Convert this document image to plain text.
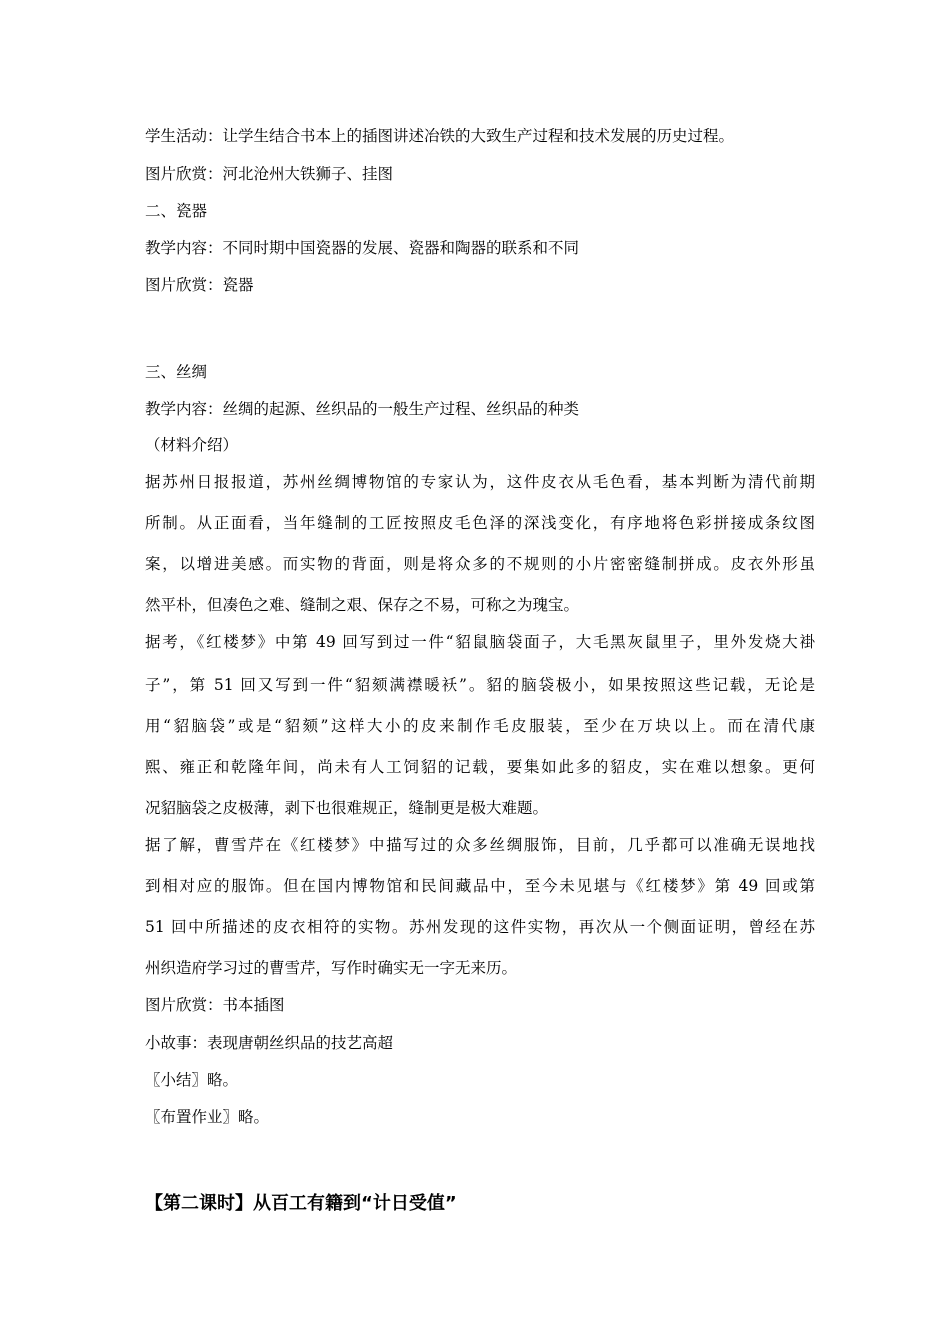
学生活动：让学生结合书本上的插图讲述冶铁的大致生产过程和技术发展的历史过程。
图片欣赏：河北沧州大铁狮子、挂图
二、瓷器
教学内容：不同时期中国瓷器的发展、瓷器和陶器的联系和不同
图片欣赏：瓷器
三、丝绸
教学内容：丝绸的起源、丝织品的一般生产过程、丝织品的种类
（材料介绍）
据苏州日报报道，苏州丝绸博物馆的专家认为，这件皮衣从毛色看，基本判断为清代前期
所制。从正面看，当年缝制的工匠按照皮毛色泽的深浅变化，有序地将色彩拼接成条纹图
案，以增进美感。而实物的背面，则是将众多的不规则的小片密密缝制拼成。皮衣外形虽
然平朴，但凑色之难、缝制之艰、保存之不易，可称之为瑰宝。
据考，《红楼梦》中第 49 回写到过一件“貂鼠脑袋面子，大毛黑灰鼠里子，里外发烧大褂
子”，第 51 回又写到一件“貂颏满襟暖袄”。貂的脑袋极小，如果按照这些记载，无论是
用“貂脑袋”或是“貂颏”这样大小的皮来制作毛皮服装，至少在万块以上。而在清代康
熙、雍正和乾隆年间，尚未有人工饲貂的记载，要集如此多的貂皮，实在难以想象。更何
况貂脑袋之皮极薄，剥下也很难规正，缝制更是极大难题。
据了解，曹雪芹在《红楼梦》中描写过的众多丝绸服饰，目前，几乎都可以准确无误地找
到相对应的服饰。但在国内博物馆和民间藏品中，至今未见堪与《红楼梦》第 49 回或第
51 回中所描述的皮衣相符的实物。苏州发现的这件实物，再次从一个侧面证明，曾经在苏
州织造府学习过的曹雪芹，写作时确实无一字无来历。
图片欣赏：书本插图
小故事：表现唐朝丝织品的技艺高超
〖小结〗略。
〖布置作业〗略。
【第二课时】从百工有籍到“计日受值”
